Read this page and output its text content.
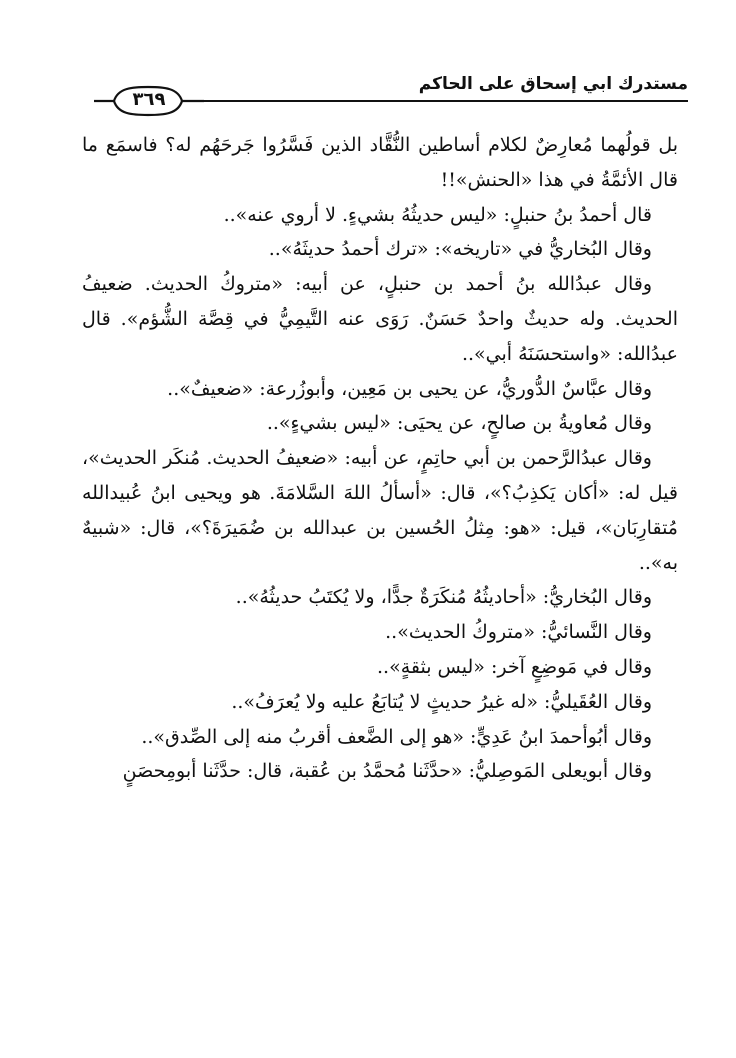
مستدرك ابي إسحاق على الحاكم
٣٦٩

بل قولُهما مُعارِضٌ لكلام أساطين النُّقَّاد الذين فَسَّرُوا جَرحَهُم له؟ فاسمَع ما قال الأئمَّةُ في هذا «الحنش»!!

قال أحمدُ بنُ حنبلٍ: «ليس حديثُهُ بشيءٍ. لا أروي عنه»..

وقال البُخاريُّ في «تاريخه»: «ترك أحمدُ حديثَهُ»..

وقال عبدُالله بنُ أحمد بن حنبلٍ، عن أبيه: «متروكُ الحديث. ضعيفُ الحديث. وله حديثٌ واحدٌ حَسَنٌ. رَوَى عنه التَّيمِيُّ في قِصَّة الشُّؤم». قال عبدُالله: «واستحسَنَهُ أبي»..

وقال عبَّاسٌ الدُّوريُّ، عن يحيى بن مَعِين، وأبوزُرعة: «ضعيفٌ»..

وقال مُعاويةُ بن صالحٍ، عن يحيَى: «ليس بشيءٍ»..

وقال عبدُالرَّحمن بن أبي حاتِمٍ، عن أبيه: «ضعيفُ الحديث. مُنكَر الحديث»، قيل له: «أكان يَكذِبُ؟»، قال: «أسألُ اللهَ السَّلامَةَ. هو ويحيى ابنُ عُبيدالله مُتقارِبَان»، قيل: «هو: مِثلُ الحُسين بن عبدالله بن ضُمَيرَةَ؟»، قال: «شبيهٌ به»..

وقال البُخاريُّ: «أحاديثُهُ مُنكَرَةٌ جدًّا، ولا يُكتَبُ حديثُهُ»..

وقال النَّسائيُّ: «متروكُ الحديث»..

وقال في مَوضِعٍ آخر: «ليس بثقةٍ»..

وقال العُقَيليُّ: «له غيرُ حديثٍ لا يُتابَعُ عليه ولا يُعرَفُ»..

وقال أبُوأحمدَ ابنُ عَدِيٍّ: «هو إلى الضَّعف أقربُ منه إلى الصِّدق»..

وقال أبويعلى المَوصِليُّ: «حدَّثَنا مُحمَّدُ بن عُقبة، قال: حدَّثَنا أبومِحصَنٍ
